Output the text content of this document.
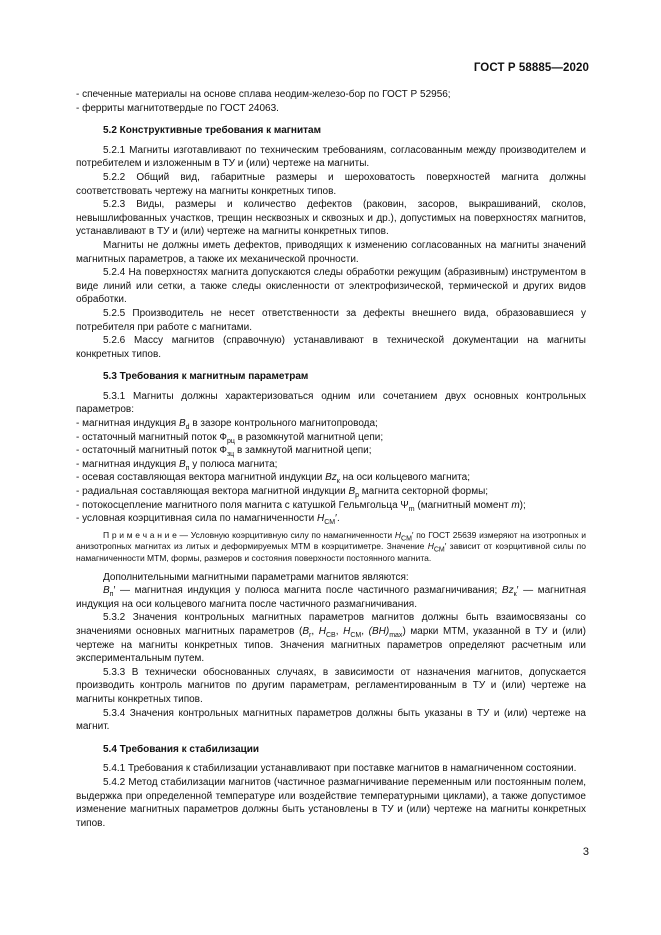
ГОСТ Р 58885—2020

- спеченные материалы на основе сплава неодим-железо-бор по ГОСТ Р 52956;

- ферриты магнитотвердые по ГОСТ 24063.

5.2 Конструктивные требования к магнитам

5.2.1 Магниты изготавливают по техническим требованиям, согласованным между производителем и потребителем и изложенным в ТУ и (или) чертеже на магниты.

5.2.2 Общий вид, габаритные размеры и шероховатость поверхностей магнита должны соответствовать чертежу на магниты конкретных типов.

5.2.3 Виды, размеры и количество дефектов (раковин, засоров, выкрашиваний, сколов, невышлифованных участков, трещин несквозных и сквозных и др.), допустимых на поверхностях магнитов, устанавливают в ТУ и (или) чертеже на магниты конкретных типов.

Магниты не должны иметь дефектов, приводящих к изменению согласованных на магниты значений магнитных параметров, а также их механической прочности.

5.2.4 На поверхностях магнита допускаются следы обработки режущим (абразивным) инструментом в виде линий или сетки, а также следы окисленности от электрофизической, термической и других видов обработки.

5.2.5 Производитель не несет ответственности за дефекты внешнего вида, образовавшиеся у потребителя при работе с магнитами.

5.2.6 Массу магнитов (справочную) устанавливают в технической документации на магниты конкретных типов.

5.3 Требования к магнитным параметрам

5.3.1 Магниты должны характеризоваться одним или сочетанием двух основных контрольных параметров:

- магнитная индукция $B_d$ в зазоре контрольного магнитопровода;

- остаточный магнитный поток $Ф_{рц}$ в разомкнутой магнитной цепи;

- остаточный магнитный поток $Ф_{зц}$ в замкнутой магнитной цепи;

- магнитная индукция $B_п$ у полюса магнита;

- осевая составляющая вектора магнитной индукции $Bz_к$ на оси кольцевого магнита;

- радиальная составляющая вектора магнитной индукции $B_р$ магнита секторной формы;

- потокосцепление магнитного поля магнита с катушкой Гельмгольца $\Psi_m$ (магнитный момент m);

- условная коэрцитивная сила по намагниченности $H_{CM}'$.

П р и м е ч а н и е — Условную коэрцитивную силу по намагниченности $H_{CM}'$ по ГОСТ 25639 измеряют на изотропных и анизотропных магнитах из литых и деформируемых МТМ в коэрцитиметре. Значение $H_{CM}'$ зависит от коэрцитивной силы по намагниченности МТМ, формы, размеров и состояния поверхности постоянного магнита.

Дополнительными магнитными параметрами магнитов являются:

$B_п'$ — магнитная индукция у полюса магнита после частичного размагничивания; $Bz_к'$ — магнитная индукция на оси кольцевого магнита после частичного размагничивания.

5.3.2 Значения контрольных магнитных параметров магнитов должны быть взаимосвязаны со значениями основных магнитных параметров ($B_r$, $H_{CB}$, $H_{CM}$, $(BH)_{max}$) марки МТМ, указанной в ТУ и (или) чертеже на магниты конкретных типов. Значения магнитных параметров определяют расчетным или экспериментальным путем.

5.3.3 В технически обоснованных случаях, в зависимости от назначения магнитов, допускается производить контроль магнитов по другим параметрам, регламентированным в ТУ и (или) чертеже на магниты конкретных типов.

5.3.4 Значения контрольных магнитных параметров должны быть указаны в ТУ и (или) чертеже на магнит.

5.4 Требования к стабилизации

5.4.1 Требования к стабилизации устанавливают при поставке магнитов в намагниченном состоянии.

5.4.2 Метод стабилизации магнитов (частичное размагничивание переменным или постоянным полем, выдержка при определенной температуре или воздействие температурными циклами), а также допустимое изменение магнитных параметров должны быть установлены в ТУ и (или) чертеже на магниты конкретных типов.

3
